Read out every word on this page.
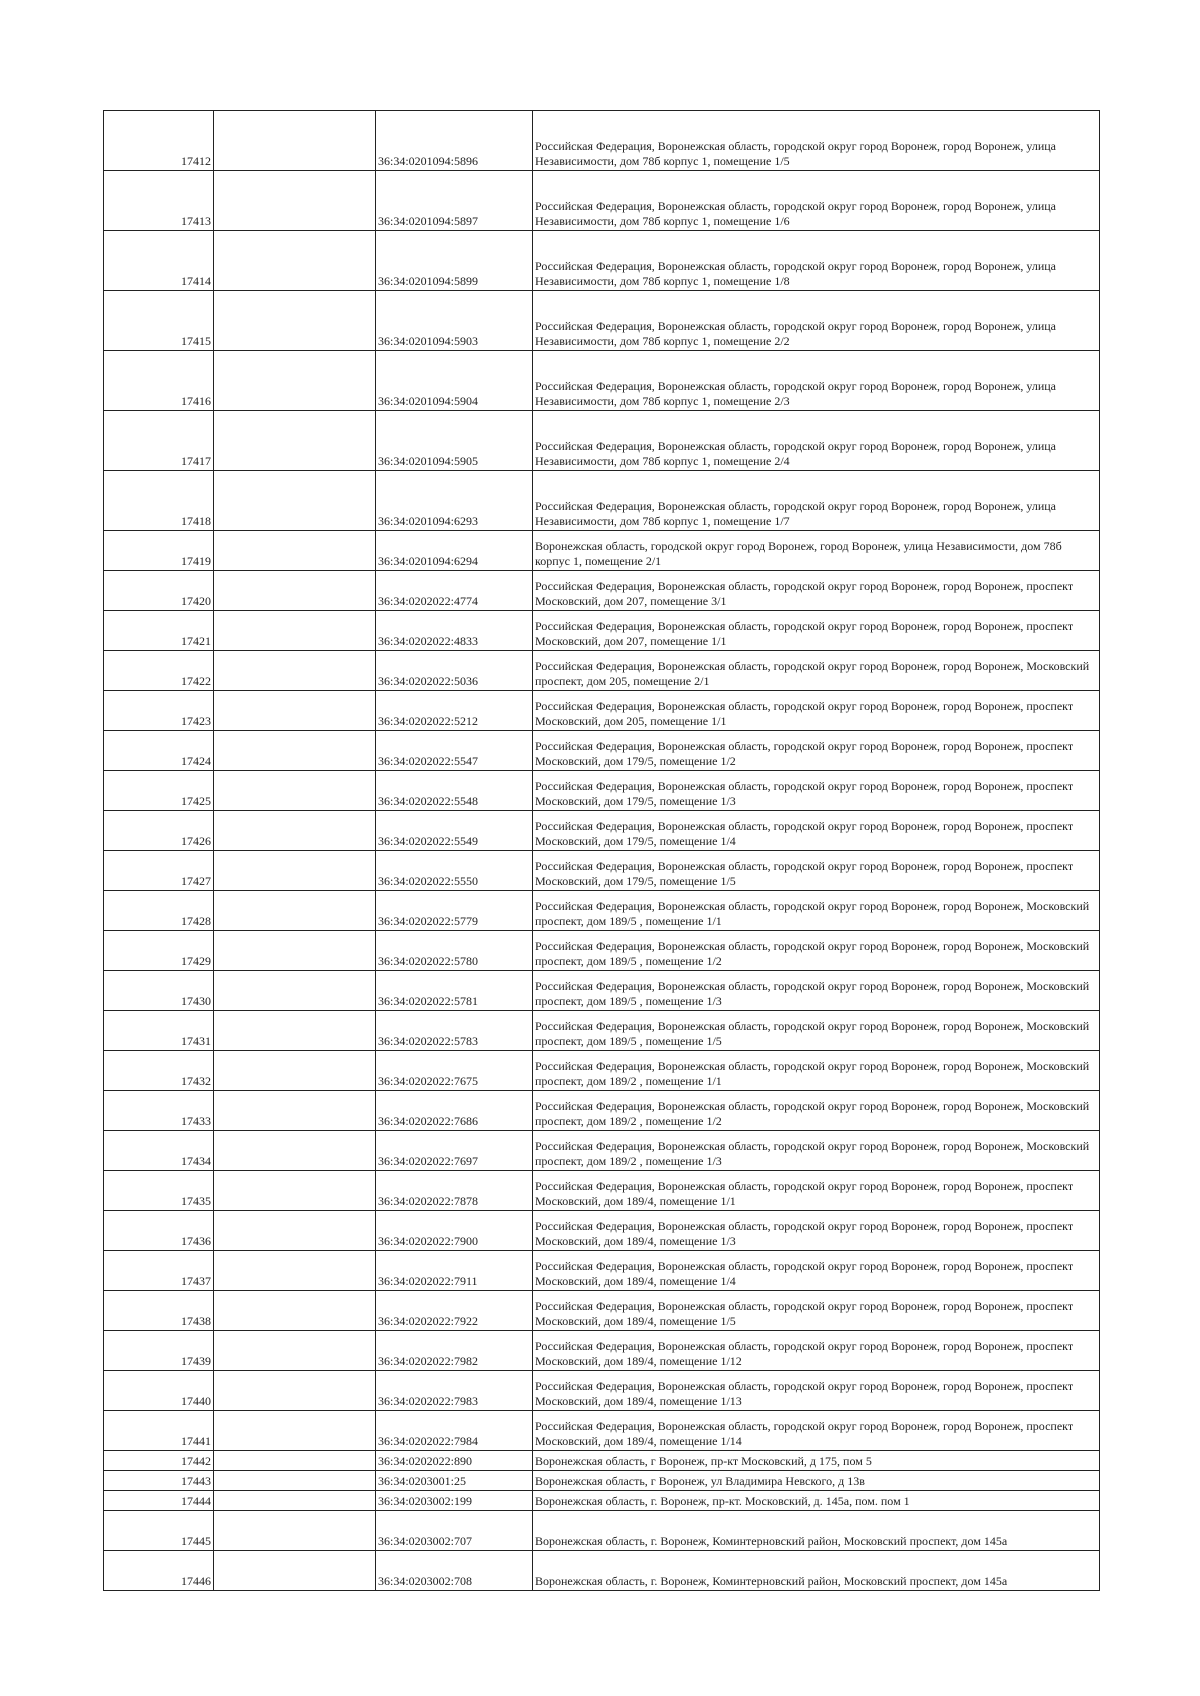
17412		36:34:0201094:5896	Российская Федерация, Воронежская область, городской округ город Воронеж, город Воронеж, улица Независимости, дом 78б корпус 1, помещение 1/5
17413		36:34:0201094:5897	Российская Федерация, Воронежская область, городской округ город Воронеж, город Воронеж, улица Независимости, дом 78б корпус 1, помещение 1/6
17414		36:34:0201094:5899	Российская Федерация, Воронежская область, городской округ город Воронеж, город Воронеж, улица Независимости, дом 78б корпус 1, помещение 1/8
17415		36:34:0201094:5903	Российская Федерация, Воронежская область, городской округ город Воронеж, город Воронеж, улица Независимости, дом 78б корпус 1, помещение 2/2
17416		36:34:0201094:5904	Российская Федерация, Воронежская область, городской округ город Воронеж, город Воронеж, улица Независимости, дом 78б корпус 1, помещение 2/3
17417		36:34:0201094:5905	Российская Федерация, Воронежская область, городской округ город Воронеж, город Воронеж, улица Независимости, дом 78б корпус 1, помещение 2/4
17418		36:34:0201094:6293	Российская Федерация, Воронежская область, городской округ город Воронеж, город Воронеж, улица Независимости, дом 78б корпус 1, помещение 1/7
17419		36:34:0201094:6294	Воронежская область, городской округ город Воронеж, город Воронеж, улица Независимости, дом 78б корпус 1, помещение 2/1
17420		36:34:0202022:4774	Российская Федерация, Воронежская область, городской округ город Воронеж, город Воронеж, проспект Московский, дом 207, помещение 3/1
17421		36:34:0202022:4833	Российская Федерация, Воронежская область, городской округ город Воронеж, город Воронеж, проспект Московский, дом 207, помещение 1/1
17422		36:34:0202022:5036	Российская Федерация, Воронежская область, городской округ город Воронеж, город Воронеж, Московский проспект, дом 205, помещение 2/1
17423		36:34:0202022:5212	Российская Федерация, Воронежская область, городской округ город Воронеж, город Воронеж, проспект Московский, дом 205, помещение 1/1
17424		36:34:0202022:5547	Российская Федерация, Воронежская область, городской округ город Воронеж, город Воронеж, проспект Московский, дом 179/5, помещение 1/2
17425		36:34:0202022:5548	Российская Федерация, Воронежская область, городской округ город Воронеж, город Воронеж, проспект Московский, дом 179/5, помещение 1/3
17426		36:34:0202022:5549	Российская Федерация, Воронежская область, городской округ город Воронеж, город Воронеж, проспект Московский, дом 179/5, помещение 1/4
17427		36:34:0202022:5550	Российская Федерация, Воронежская область, городской округ город Воронеж, город Воронеж, проспект Московский, дом 179/5, помещение 1/5
17428		36:34:0202022:5779	Российская Федерация, Воронежская область, городской округ город Воронеж, город Воронеж, Московский проспект, дом 189/5 , помещение 1/1
17429		36:34:0202022:5780	Российская Федерация, Воронежская область, городской округ город Воронеж, город Воронеж, Московский проспект, дом 189/5 , помещение 1/2
17430		36:34:0202022:5781	Российская Федерация, Воронежская область, городской округ город Воронеж, город Воронеж, Московский проспект, дом 189/5 , помещение 1/3
17431		36:34:0202022:5783	Российская Федерация, Воронежская область, городской округ город Воронеж, город Воронеж, Московский проспект, дом 189/5 , помещение 1/5
17432		36:34:0202022:7675	Российская Федерация, Воронежская область, городской округ город Воронеж, город Воронеж, Московский проспект, дом 189/2 , помещение 1/1
17433		36:34:0202022:7686	Российская Федерация, Воронежская область, городской округ город Воронеж, город Воронеж, Московский проспект, дом 189/2 , помещение 1/2
17434		36:34:0202022:7697	Российская Федерация, Воронежская область, городской округ город Воронеж, город Воронеж, Московский проспект, дом 189/2 , помещение 1/3
17435		36:34:0202022:7878	Российская Федерация, Воронежская область, городской округ город Воронеж, город Воронеж, проспект Московский, дом 189/4, помещение 1/1
17436		36:34:0202022:7900	Российская Федерация, Воронежская область, городской округ город Воронеж, город Воронеж, проспект Московский, дом 189/4, помещение 1/3
17437		36:34:0202022:7911	Российская Федерация, Воронежская область, городской округ город Воронеж, город Воронеж, проспект Московский, дом 189/4, помещение 1/4
17438		36:34:0202022:7922	Российская Федерация, Воронежская область, городской округ город Воронеж, город Воронеж, проспект Московский, дом 189/4, помещение 1/5
17439		36:34:0202022:7982	Российская Федерация, Воронежская область, городской округ город Воронеж, город Воронеж, проспект Московский, дом 189/4, помещение 1/12
17440		36:34:0202022:7983	Российская Федерация, Воронежская область, городской округ город Воронеж, город Воронеж, проспект Московский, дом 189/4, помещение 1/13
17441		36:34:0202022:7984	Российская Федерация, Воронежская область, городской округ город Воронеж, город Воронеж, проспект Московский, дом 189/4, помещение 1/14
17442		36:34:0202022:890	Воронежская область, г Воронеж, пр-кт Московский, д 175, пом 5
17443		36:34:0203001:25	Воронежская область, г Воронеж, ул Владимира Невского, д 13в
17444		36:34:0203002:199	Воронежская область, г. Воронеж, пр-кт. Московский, д. 145а, пом. пом 1
17445		36:34:0203002:707	Воронежская область, г. Воронеж, Коминтерновский район, Московский проспект, дом 145а
17446		36:34:0203002:708	Воронежская область, г. Воронеж, Коминтерновский район, Московский проспект, дом 145а
